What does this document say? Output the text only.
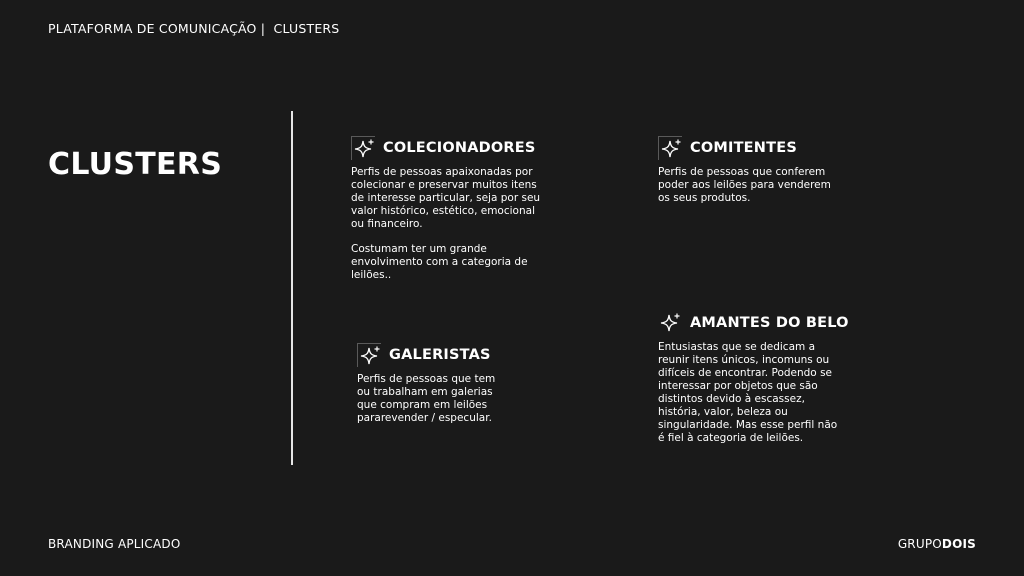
PLATAFORMA DE COMUNICAÇÃO |  CLUSTERS
CLUSTERS	COLECIONADORES

Perfis de pessoas apaixonadas por colecionar e preservar muitos itens de interesse particular, seja por seu valor histórico, estético, emocional ou financeiro.

Costumam ter um grande envolvimento com a categoria de leilões..

COMITENTES

Perfis de pessoas que conferem poder aos leilões para venderem os seus produtos.

GALERISTAS

Perfis de pessoas que tem ou trabalham em galerias que compram em leilões pararevender / especular.

AMANTES DO BELO

Entusiastas que se dedicam a reunir itens únicos, incomuns ou difíceis de encontrar. Podendo se interessar por objetos que são distintos devido à escassez, história, valor, beleza ou singularidade. Mas esse perfil não é fiel à categoria de leilões.

BRANDING APLICADO	GRUPODOIS
